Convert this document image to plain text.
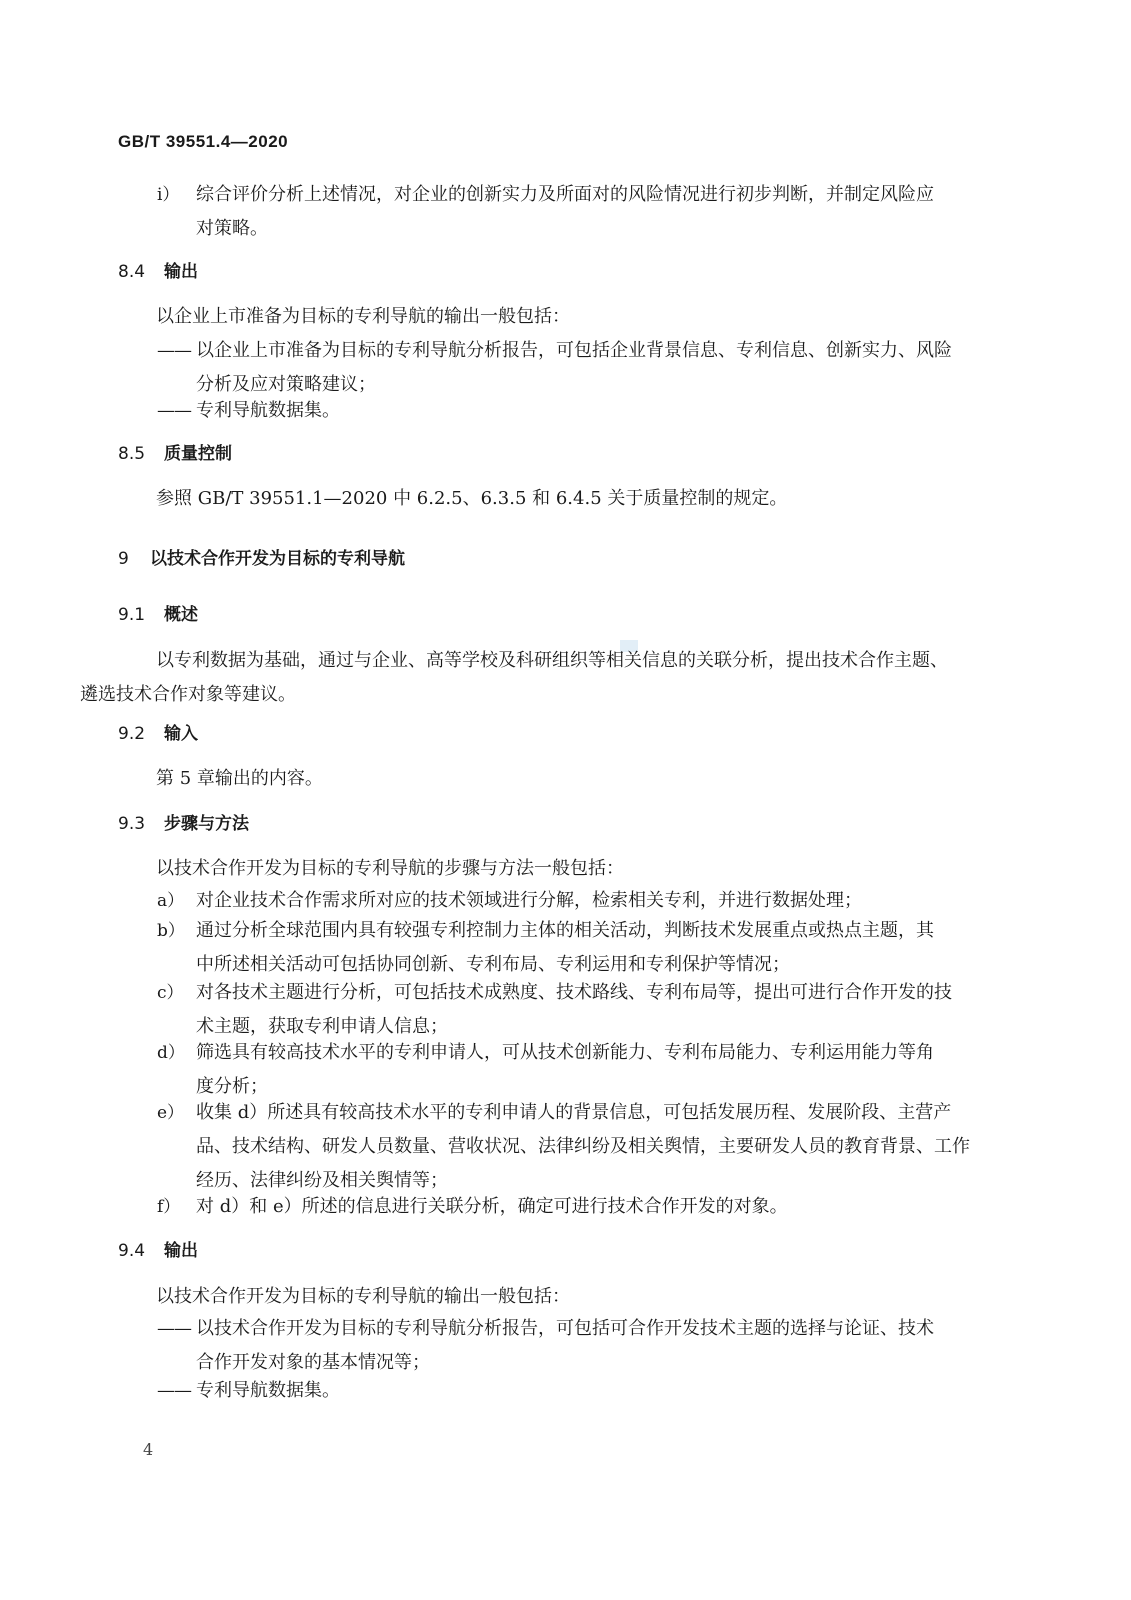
GB/T 39551.4—2020
i） 综合评价分析上述情况，对企业的创新实力及所面对的风险情况进行初步判断，并制定风险应
对策略。
8.4 输出
以企业上市准备为目标的专利导航的输出一般包括：
—— 以企业上市准备为目标的专利导航分析报告，可包括企业背景信息、专利信息、创新实力、风险
分析及应对策略建议；
—— 专利导航数据集。
8.5 质量控制
参照 GB/T 39551.1—2020 中 6.2.5、6.3.5 和 6.4.5 关于质量控制的规定。
9 以技术合作开发为目标的专利导航
9.1 概述
以专利数据为基础，通过与企业、高等学校及科研组织等相关信息的关联分析，提出技术合作主题、
遴选技术合作对象等建议。
9.2 输入
第 5 章输出的内容。
9.3 步骤与方法
以技术合作开发为目标的专利导航的步骤与方法一般包括：
a） 对企业技术合作需求所对应的技术领域进行分解，检索相关专利，并进行数据处理；
b） 通过分析全球范围内具有较强专利控制力主体的相关活动，判断技术发展重点或热点主题，其
中所述相关活动可包括协同创新、专利布局、专利运用和专利保护等情况；
c） 对各技术主题进行分析，可包括技术成熟度、技术路线、专利布局等，提出可进行合作开发的技
术主题，获取专利申请人信息；
d） 筛选具有较高技术水平的专利申请人，可从技术创新能力、专利布局能力、专利运用能力等角
度分析；
e） 收集 d）所述具有较高技术水平的专利申请人的背景信息，可包括发展历程、发展阶段、主营产
品、技术结构、研发人员数量、营收状况、法律纠纷及相关舆情，主要研发人员的教育背景、工作
经历、法律纠纷及相关舆情等；
f） 对 d）和 e）所述的信息进行关联分析，确定可进行技术合作开发的对象。
9.4 输出
以技术合作开发为目标的专利导航的输出一般包括：
—— 以技术合作开发为目标的专利导航分析报告，可包括可合作开发技术主题的选择与论证、技术
合作开发对象的基本情况等；
—— 专利导航数据集。
4
